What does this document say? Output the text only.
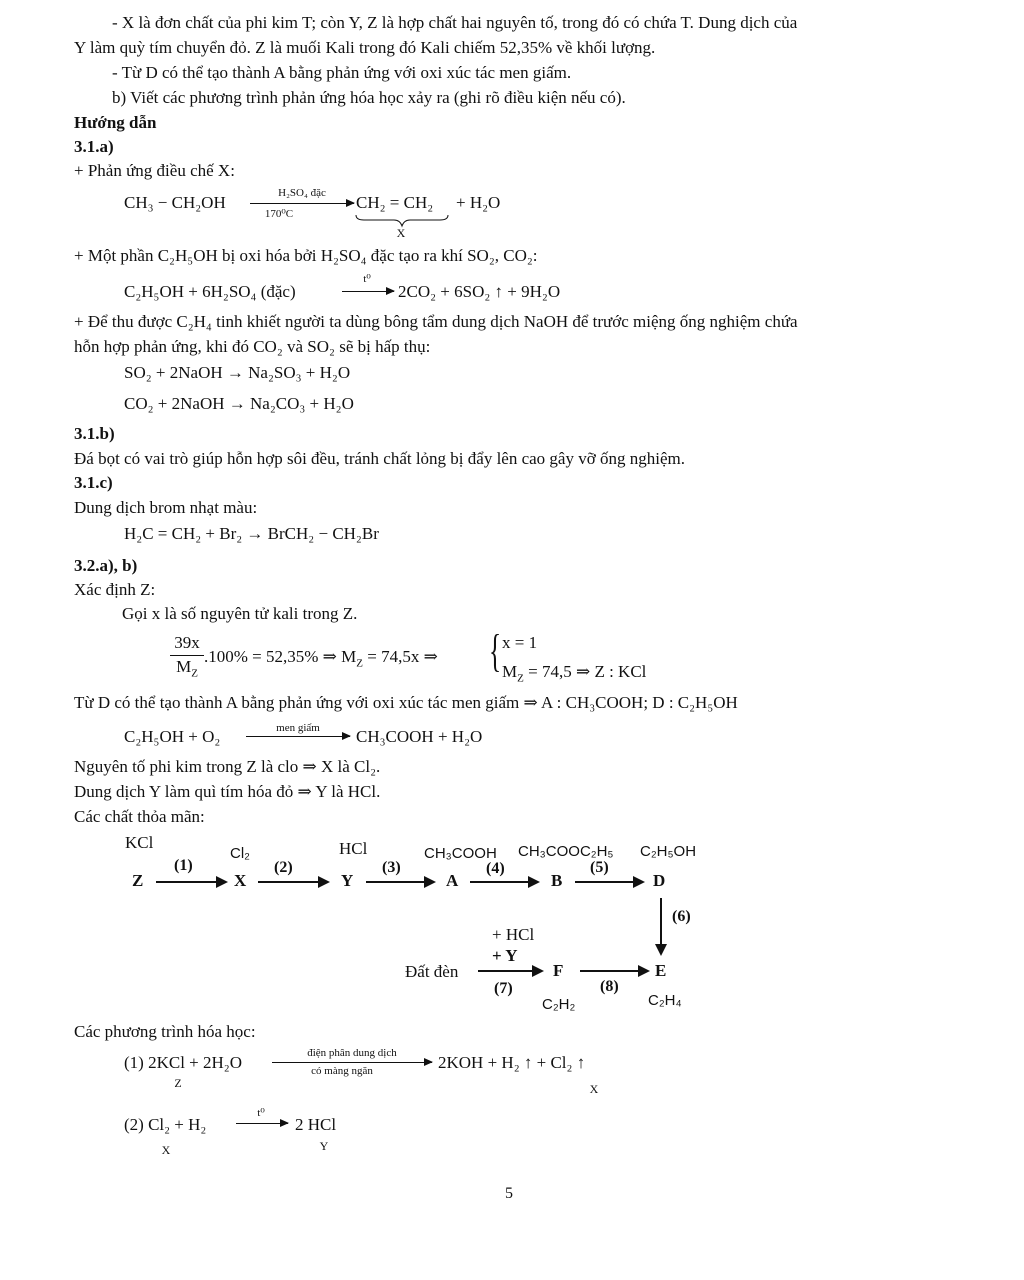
- X là đơn chất của phi kim T; còn Y, Z là hợp chất hai nguyên tố, trong đó có chứa T. Dung dịch của
Y làm quỳ tím chuyển đỏ. Z là muối Kali trong đó Kali chiếm 52,35% về khối lượng.
- Từ D có thể tạo thành A bằng phản ứng với oxi xúc tác men giấm.
b) Viết các phương trình phản ứng hóa học xảy ra (ghi rõ điều kiện nếu có).
Hướng dẫn
3.1.a)
+ Phản ứng điều chế X:
CH₃ − CH₂OH	H₂SO₄ đặc
170⁰C
CH₂ = CH₂ + H₂O
X
+ Một phần C₂H₅OH bị oxi hóa bởi H₂SO₄ đặc tạo ra khí SO₂, CO₂:
C₂H₅OH + 6H₂SO₄ (đặc)
t⁰
2CO₂ + 6SO₂ ↑ + 9H₂O
+ Để thu được C₂H₄ tinh khiết người ta dùng bông tẩm dung dịch NaOH để trước miệng ống nghiệm chứa
hỗn hợp phản ứng, khi đó CO₂ và SO₂ sẽ bị hấp thụ:
SO₂ + 2NaOH → Na₂SO₃ + H₂O
CO₂ + 2NaOH → Na₂CO₃ + H₂O
3.1.b)
Đá bọt có vai trò giúp hỗn hợp sôi đều, tránh chất lỏng bị đẩy lên cao gây vỡ ống nghiệm.
3.1.c)
Dung dịch brom nhạt màu:
H₂C = CH₂ + Br₂ → BrCH₂ − CH₂Br
3.2.a), b)
Xác định Z:
Gọi x là số nguyên tử kali trong Z.
$\frac{39x}{M_Z} .100\% = 52,35\%$ ⇒ $M_Z = 74,5x$ ⇒ { x = 1
$M_Z = 74,5$ ⇒ Z : KCl
Từ D có thể tạo thành A bằng phản ứng với oxi xúc tác men giấm ⇒ A : CH₃COOH; D : C₂H₅OH
C₂H₅OH + O₂	men giấm	CH₃COOH + H₂O
Nguyên tố phi kim trong Z là clo ⇒ X là Cl₂.
Dung dịch Y làm quì tím hóa đỏ ⇒ Y là HCl.
Các chất thỏa mãn:
KCl
Cl₂	HCl	CH₃COOH CH₃COOC₂H₅ C₂H₅OH
Z
(1)
X
(2)
Y
(3)
A
(4)
B
(5)
D
(6)
+ HCl
+ Y
Đất đèn
(7)
F
(8)
E
C₂H₂	C₂H₄
Các phương trình hóa học:
(1) 2KCl + 2H₂O	điện phân dung dịch
có màng ngăn	2KOH + H₂ ↑ + Cl₂ ↑
Z	X
(2) Cl₂ + H₂
t⁰
2 HCl
X	Y
5
